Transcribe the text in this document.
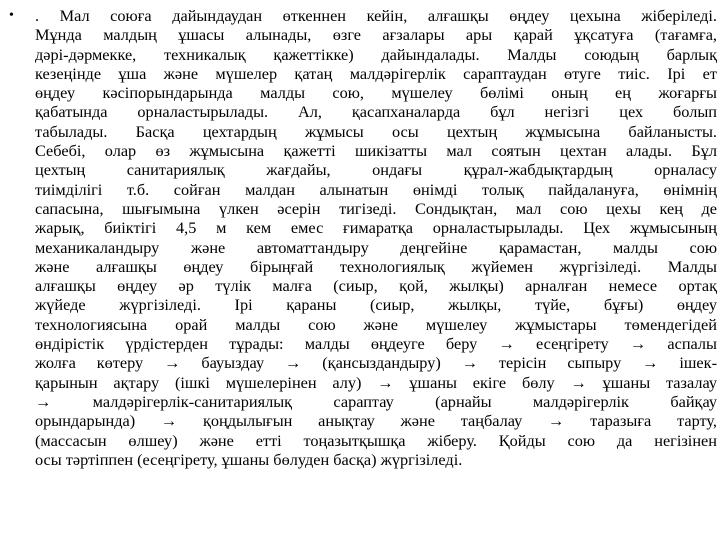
• . Мал союға дайындаудан өткеннен кейін, алғашқы өңдеу цехына жіберіледі.
Мұнда малдың ұшасы алынады, өзге ағзалары ары қарай ұқсатуға (тағамға,
дәрі-дәрмекке, техникалық қажеттікке) дайындалады. Малды союдың барлық
кезеңінде ұша және мүшелер қатаң малдәрігерлік сараптаудан өтуге тиіс. Ірі ет
өңдеу кәсіпорындарында малды сою, мүшелеу бөлімі оның ең жоғарғы
қабатында орналастырылады. Ал, қасапханаларда бұл негізгі цех болып
табылады. Басқа цехтардың жұмысы осы цехтың жұмысына байланысты.
Себебі, олар өз жұмысына қажетті шикізатты мал соятын цехтан алады. Бұл
цехтың санитариялық жағдайы, ондағы құрал-жабдықтардың орналасу
тиімділігі т.б. сойған малдан алынатын өнімді толық пайдалануға, өнімнің
сапасына, шығымына үлкен әсерін тигізеді. Сондықтан, мал сою цехы кең де
жарық, биіктігі 4,5 м кем емес ғимаратқа орналастырылады. Цех жұмысының
механикаландыру және автоматтандыру деңгейіне қарамастан, малды сою
және алғашқы өңдеу бірыңғай технологиялық жүйемен жүргізіледі. Малды
алғашқы өңдеу әр түлік малға (сиыр, қой, жылқы) арналған немесе ортақ
жүйеде жүргізіледі. Ірі қараны (сиыр, жылқы, түйе, бұғы) өңдеу
технологиясына орай малды сою және мүшелеу жұмыстары төмендегідей
өндірістік үрдістерден тұрады: малды өңдеуге беру → есеңгірету → аспалы
жолға көтеру → бауыздау → (қансыздандыру) → терісін сыпыру → ішек-
қарынын ақтару (ішкі мүшелерінен алу) → ұшаны екіге бөлу → ұшаны тазалау
→ малдәрігерлік-санитариялық сараптау (арнайы малдәрігерлік байқау
орындарында) → қоңдылығын анықтау және таңбалау → таразыға тарту,
(массасын өлшеу) және етті тоңазытқышқа жіберу. Қойды сою да негізінен
осы тәртіппен (есеңгірету, ұшаны бөлуден басқа) жүргізіледі.
